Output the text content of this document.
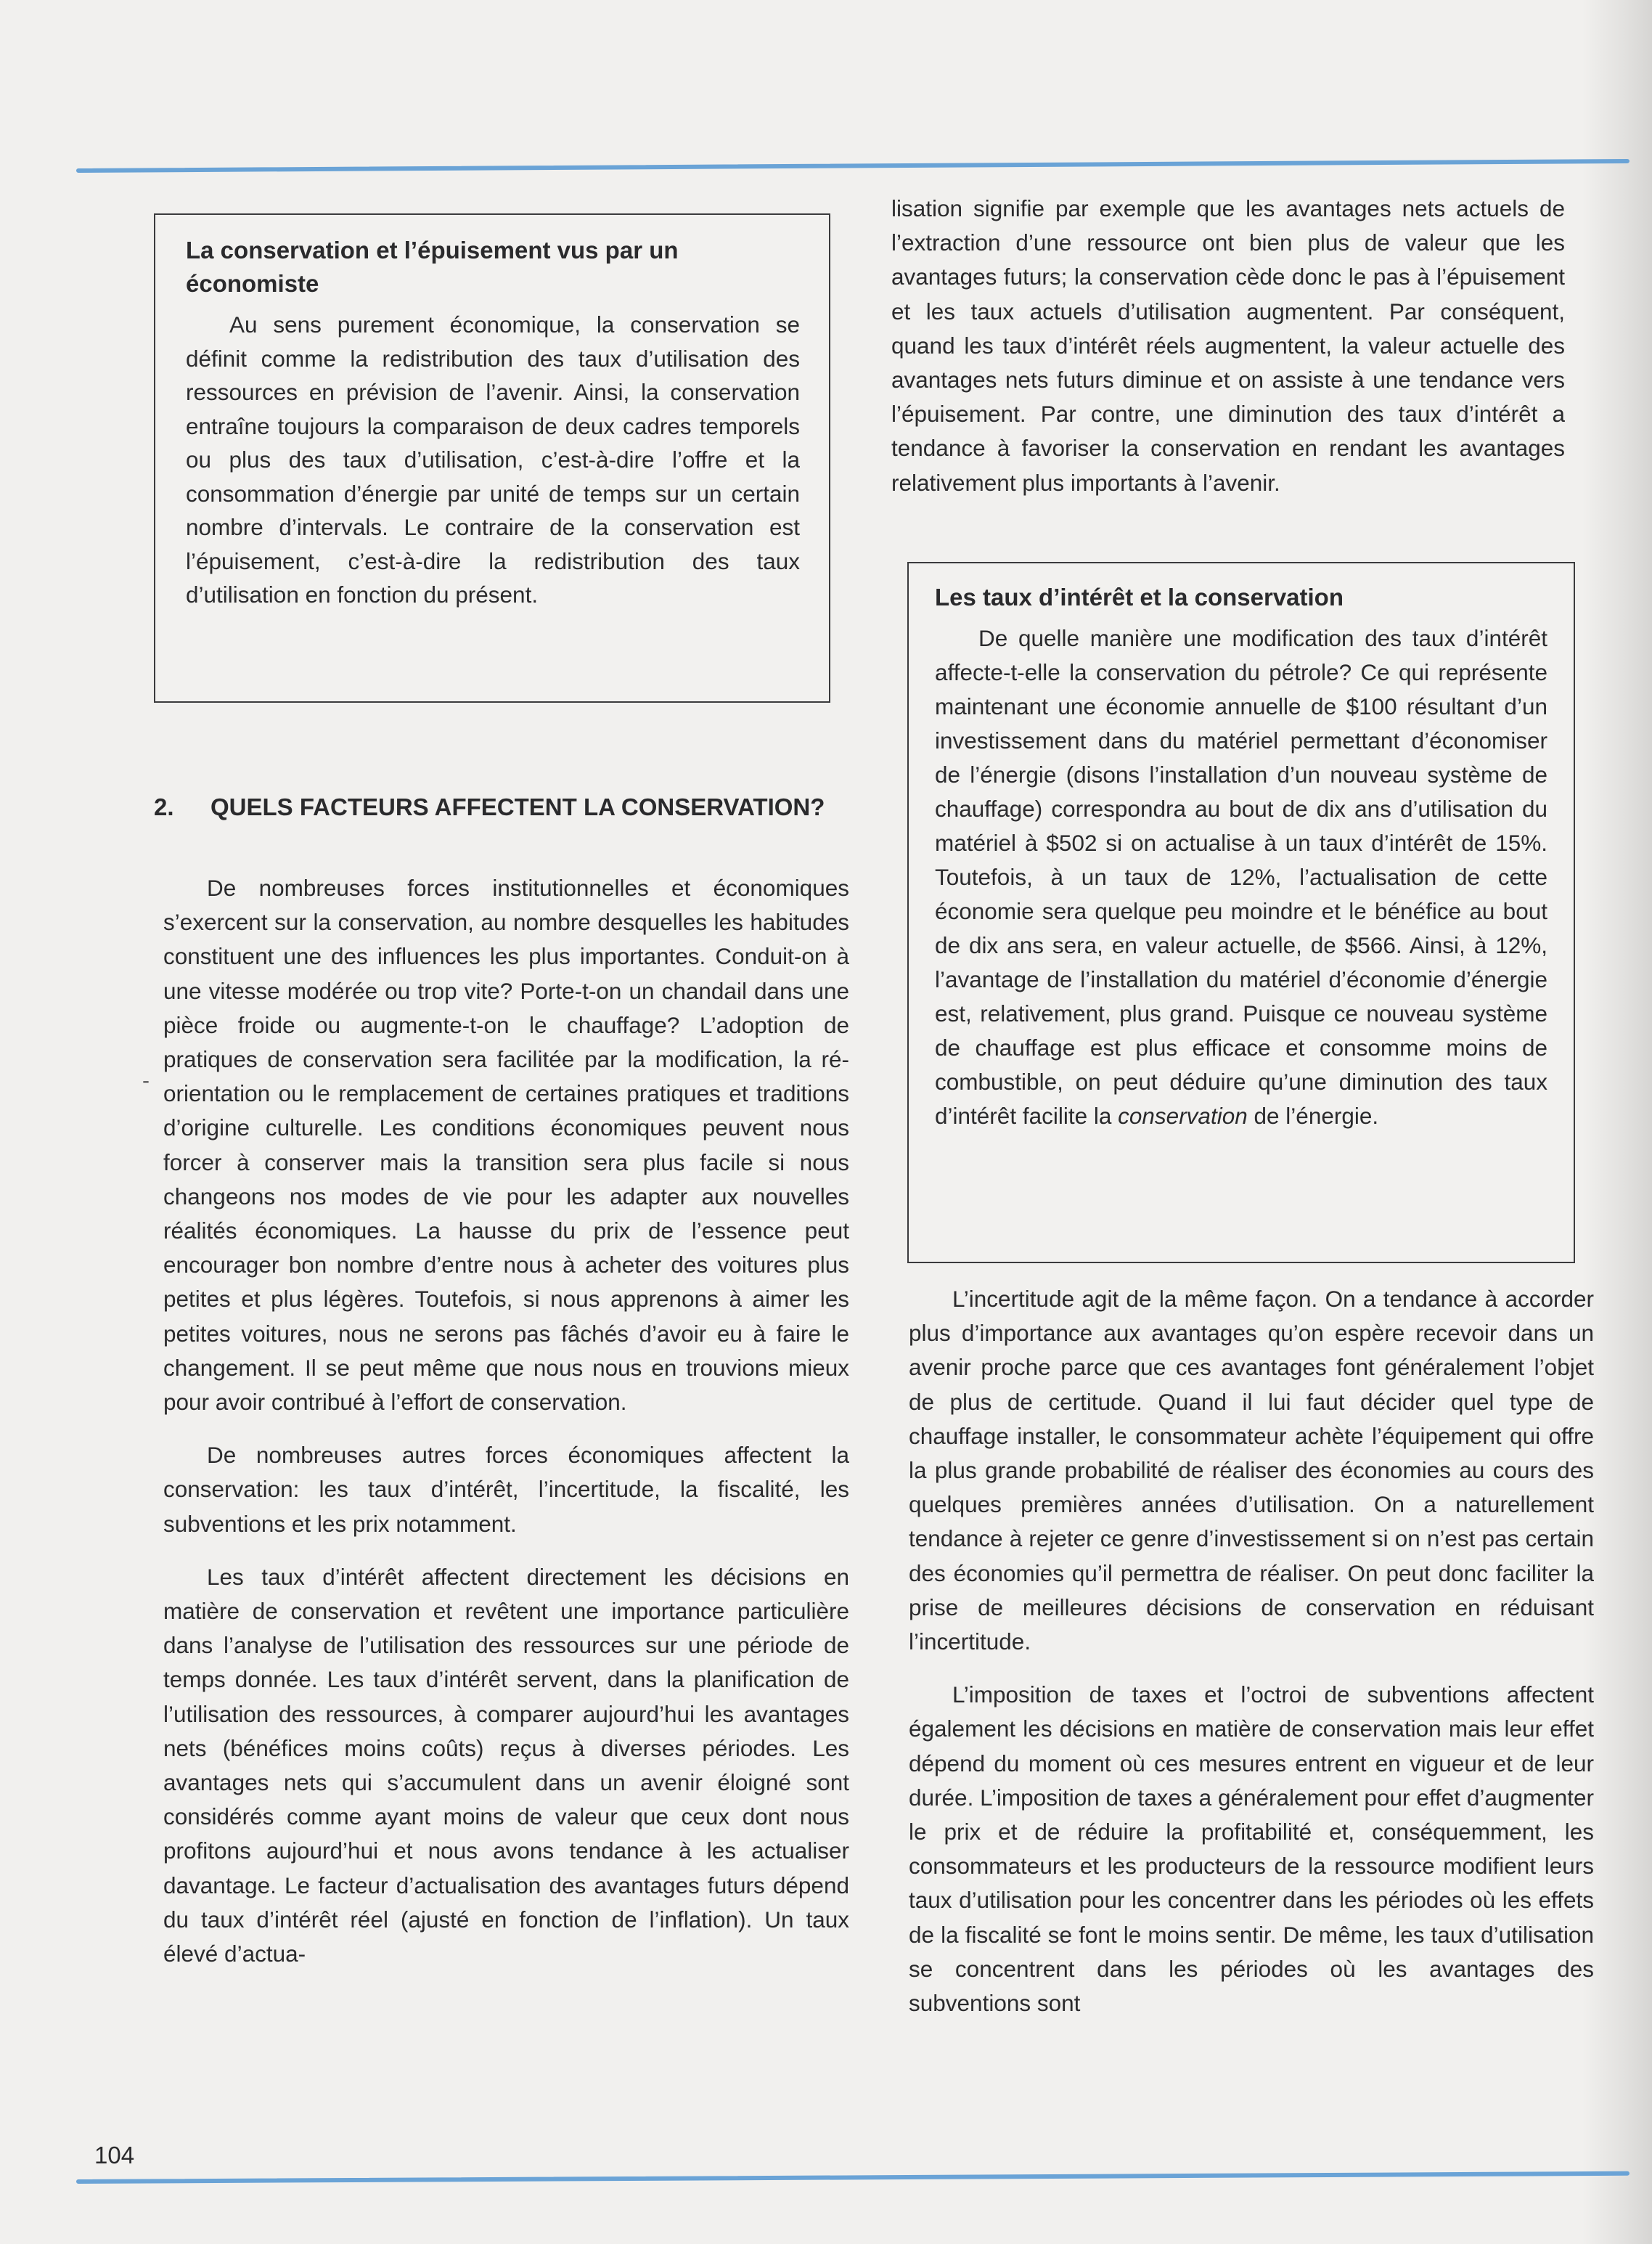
La conservation et l’épuisement vus par un économiste

Au sens purement économique, la conservation se définit comme la redistribution des taux d’utilisation des ressources en prévision de l’avenir. Ainsi, la conservation entraîne toujours la comparaison de deux cadres temporels ou plus des taux d’utilisation, c’est-à-dire l’offre et la consommation d’énergie par unité de temps sur un certain nombre d’intervals. Le contraire de la conservation est l’épuisement, c’est-à-dire la redistribution des taux d’utilisation en fonction du présent.

2. QUELS FACTEURS AFFECTENT LA CONSERVATION?
-

De nombreuses forces institutionnelles et économiques s’exercent sur la conservation, au nombre desquelles les habitudes constituent une des influences les plus importantes. Conduit-on à une vitesse modérée ou trop vite? Porte-t-on un chandail dans une pièce froide ou augmente-t-on le chauffage? L’adoption de pratiques de conservation sera facilitée par la modification, la ré-orientation ou le remplacement de certaines pratiques et traditions d’origine culturelle. Les conditions économiques peuvent nous forcer à conserver mais la transition sera plus facile si nous changeons nos modes de vie pour les adapter aux nouvelles réalités économiques. La hausse du prix de l’essence peut encourager bon nombre d’entre nous à acheter des voitures plus petites et plus légères. Toutefois, si nous apprenons à aimer les petites voitures, nous ne serons pas fâchés d’avoir eu à faire le changement. Il se peut même que nous nous en trouvions mieux pour avoir contribué à l’effort de conservation.

De nombreuses autres forces économiques affectent la conservation: les taux d’intérêt, l’incertitude, la fiscalité, les subventions et les prix notamment.

Les taux d’intérêt affectent directement les décisions en matière de conservation et revêtent une importance particulière dans l’analyse de l’utilisation des ressources sur une période de temps donnée. Les taux d’intérêt servent, dans la planification de l’utilisation des ressources, à comparer aujourd’hui les avantages nets (bénéfices moins coûts) reçus à diverses périodes. Les avantages nets qui s’accumulent dans un avenir éloigné sont considérés comme ayant moins de valeur que ceux dont nous profitons aujourd’hui et nous avons tendance à les actualiser davantage. Le facteur d’actualisation des avantages futurs dépend du taux d’intérêt réel (ajusté en fonction de l’inflation). Un taux élevé d’actua-

lisation signifie par exemple que les avantages nets actuels de l’extraction d’une ressource ont bien plus de valeur que les avantages futurs; la conservation cède donc le pas à l’épuisement et les taux actuels d’utilisation augmentent. Par conséquent, quand les taux d’intérêt réels augmentent, la valeur actuelle des avantages nets futurs diminue et on assiste à une tendance vers l’épuisement. Par contre, une diminution des taux d’intérêt a tendance à favoriser la conservation en rendant les avantages relativement plus importants à l’avenir.

Les taux d’intérêt et la conservation

De quelle manière une modification des taux d’intérêt affecte-t-elle la conservation du pétrole? Ce qui représente maintenant une économie annuelle de $100 résultant d’un investissement dans du matériel permettant d’économiser de l’énergie (disons l’installation d’un nouveau système de chauffage) correspondra au bout de dix ans d’utilisation du matériel à $502 si on actualise à un taux d’intérêt de 15%. Toutefois, à un taux de 12%, l’actualisation de cette économie sera quelque peu moindre et le bénéfice au bout de dix ans sera, en valeur actuelle, de $566. Ainsi, à 12%, l’avantage de l’installation du matériel d’économie d’énergie est, relativement, plus grand. Puisque ce nouveau système de chauffage est plus efficace et consomme moins de combustible, on peut déduire qu’une diminution des taux d’intérêt facilite la conservation de l’énergie.

L’incertitude agit de la même façon. On a tendance à accorder plus d’importance aux avantages qu’on espère recevoir dans un avenir proche parce que ces avantages font généralement l’objet de plus de certitude. Quand il lui faut décider quel type de chauffage installer, le consommateur achète l’équipement qui offre la plus grande probabilité de réaliser des économies au cours des quelques premières années d’utilisation. On a naturellement tendance à rejeter ce genre d’investissement si on n’est pas certain des économies qu’il permettra de réaliser. On peut donc faciliter la prise de meilleures décisions de conservation en réduisant l’incertitude.

L’imposition de taxes et l’octroi de subventions affectent également les décisions en matière de conservation mais leur effet dépend du moment où ces mesures entrent en vigueur et de leur durée. L’imposition de taxes a généralement pour effet d’augmenter le prix et de réduire la profitabilité et, conséquemment, les consommateurs et les producteurs de la ressource modifient leurs taux d’utilisation pour les concentrer dans les périodes où les effets de la fiscalité se font le moins sentir. De même, les taux d’utilisation se concentrent dans les périodes où les avantages des subventions sont

104
